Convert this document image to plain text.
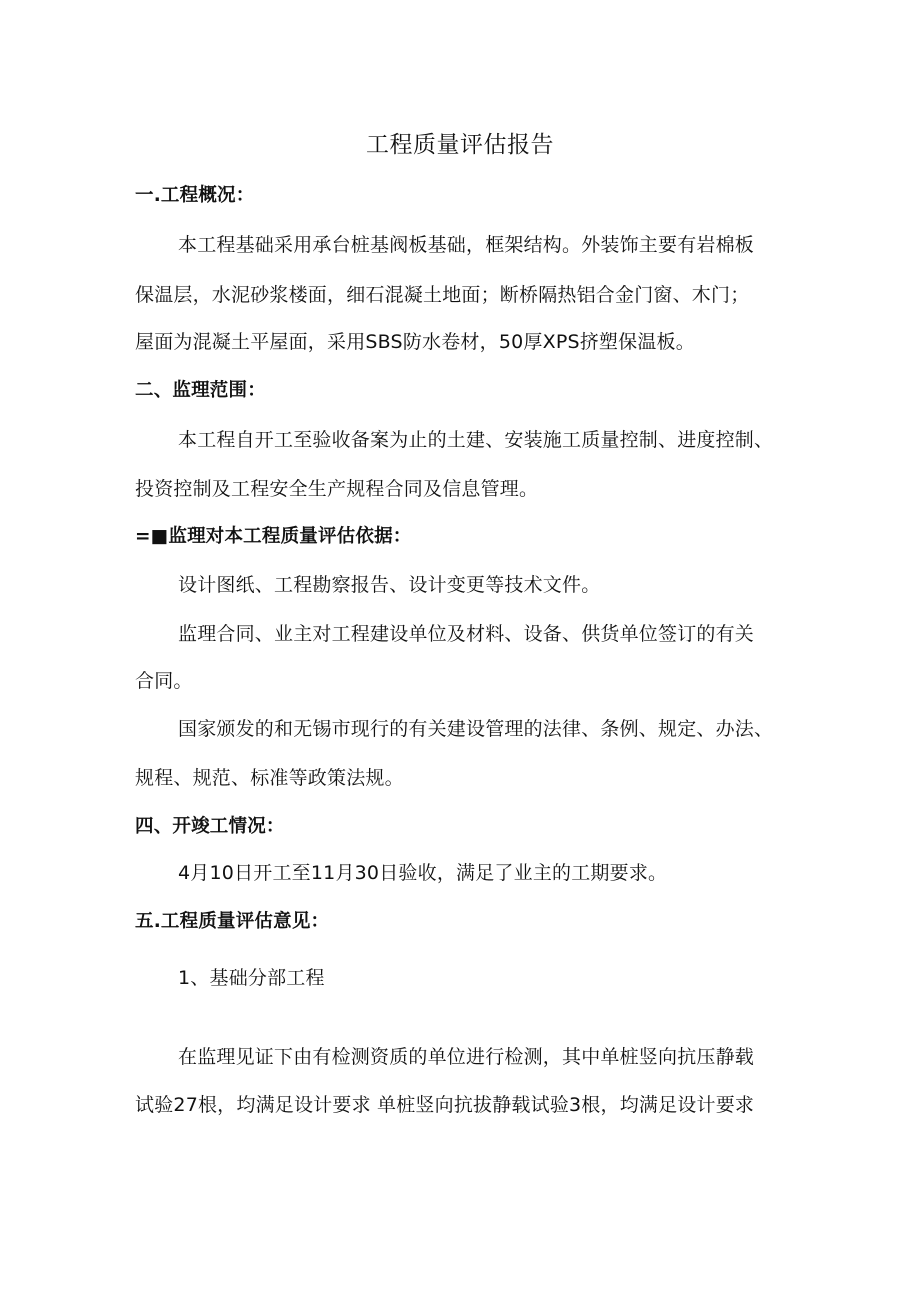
工程质量评估报告
一.工程概况：
本工程基础采用承台桩基阀板基础，框架结构。外装饰主要有岩棉板
保温层，水泥砂浆楼面，细石混凝土地面；断桥隔热铝合金门窗、木门；
屋面为混凝土平屋面，采用SBS防水卷材，50厚XPS挤塑保温板。
二、监理范围：
本工程自开工至验收备案为止的土建、安装施工质量控制、进度控制、
投资控制及工程安全生产规程合同及信息管理。
=■监理对本工程质量评估依据：
设计图纸、工程勘察报告、设计变更等技术文件。
监理合同、业主对工程建设单位及材料、设备、供货单位签订的有关
合同。
国家颁发的和无锡市现行的有关建设管理的法律、条例、规定、办法、
规程、规范、标准等政策法规。
四、开竣工情况：
4月10日开工至11月30日验收，满足了业主的工期要求。
五.工程质量评估意见：
1、基础分部工程
在监理见证下由有检测资质的单位进行检测，其中单桩竖向抗压静载
试验27根，均满足设计要求 单桩竖向抗拔静载试验3根，均满足设计要求
